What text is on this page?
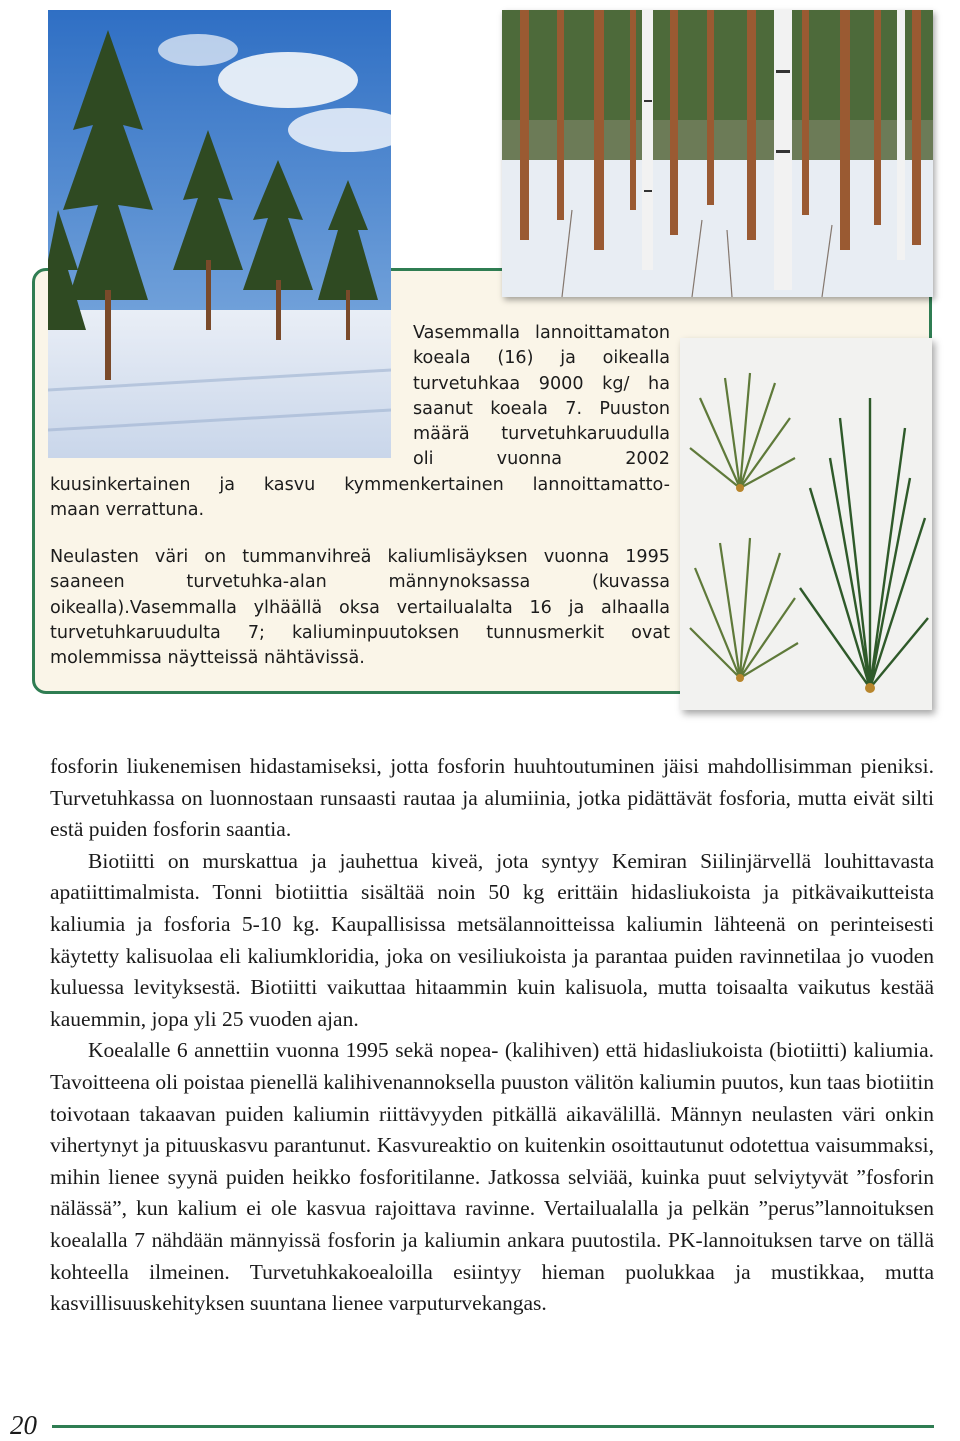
Vasemmalla lannoittamaton koeala (16) ja oikealla turvetuhkaa 9000 kg/ ha saanut koeala 7. Puuston määrä turvetuhkaruudulla oli vuonna 2002

kuusinkertainen ja kasvu kymmenkertainen lannoittamatto-
maan verrattuna.

Neulasten väri on tummanvihreä kaliumlisäyksen vuonna 1995 saaneen turvetuhka-alan männynoksassa (kuvassa oikealla).Vasemmalla ylhäällä oksa vertailualalta 16 ja alhaalla turvetuhkaruudulta 7; kaliuminpuutoksen tunnusmerkit ovat molemmissa näytteissä nähtävissä.

fosforin liukenemisen hidastamiseksi, jotta fosforin huuhtoutuminen jäisi mahdollisimman pieniksi. Turvetuhkassa on luonnostaan runsaasti rautaa ja alumiinia, jotka pidättävät fosforia, mutta eivät silti estä puiden fosforin saantia.

Biotiitti on murskattua ja jauhettua kiveä, jota syntyy Kemiran Siilinjärvellä louhittavasta apatiittimalmista. Tonni biotiittia sisältää noin 50 kg erittäin hidasliukoista ja pitkävaikutteista kaliumia ja fosforia 5-10 kg. Kaupallisissa metsälannoitteissa kaliumin lähteenä on perinteisesti käytetty kalisuolaa eli kaliumkloridia, joka on vesiliukoista ja parantaa puiden ravinnetilaa jo vuoden kuluessa levityksestä. Biotiitti vaikuttaa hitaammin kuin kalisuola, mutta toisaalta vaikutus kestää kauemmin, jopa yli 25 vuoden ajan.

Koealalle 6 annettiin vuonna 1995 sekä nopea- (kalihiven) että hidasliukoista (biotiitti) kaliumia. Tavoitteena oli poistaa pienellä kalihivenannoksella puuston välitön kaliumin puutos, kun taas biotiitin toivotaan takaavan puiden kaliumin riittävyyden pitkällä aikavälillä. Männyn neulasten väri onkin vihertynyt ja pituuskasvu parantunut. Kasvureaktio on kuitenkin osoittautunut odotettua vaisummaksi, mihin lienee syynä puiden heikko fosforitilanne. Jatkossa selviää, kuinka puut selviytyvät ”fosforin nälässä”, kun kalium ei ole kasvua rajoittava ravinne. Vertailualalla ja pelkän ”perus”lannoituksen koealalla 7 nähdään männyissä fosforin ja kaliumin ankara puutostila. PK-lannoituksen tarve on tällä kohteella ilmeinen. Turvetuhkakoealoilla esiintyy hieman puolukkaa ja mustikkaa, mutta kasvillisuuskehityksen suuntana lienee varputurvekangas.

20
